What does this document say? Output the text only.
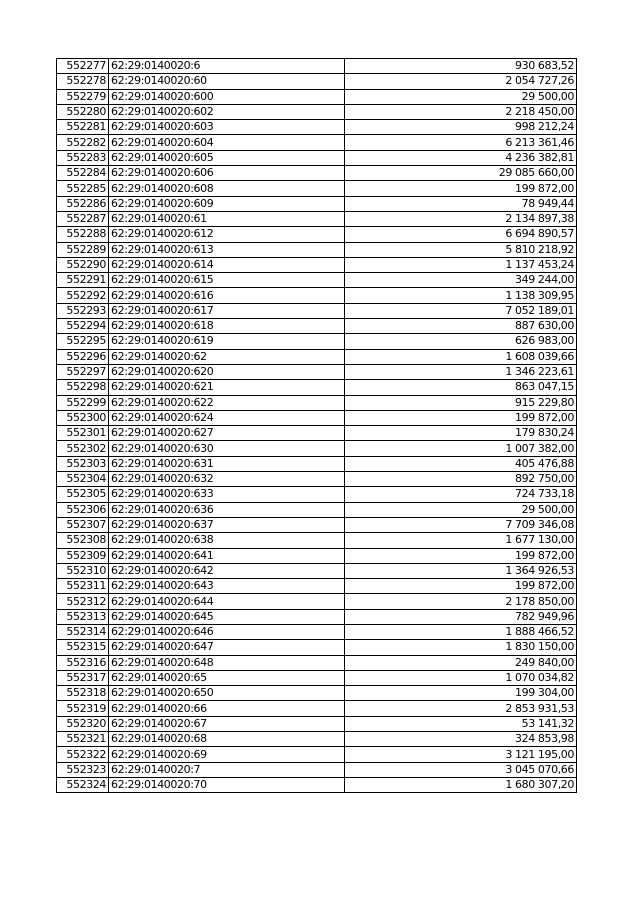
552277	62:29:0140020:6	930 683,52
552278	62:29:0140020:60	2 054 727,26
552279	62:29:0140020:600	29 500,00
552280	62:29:0140020:602	2 218 450,00
552281	62:29:0140020:603	998 212,24
552282	62:29:0140020:604	6 213 361,46
552283	62:29:0140020:605	4 236 382,81
552284	62:29:0140020:606	29 085 660,00
552285	62:29:0140020:608	199 872,00
552286	62:29:0140020:609	78 949,44
552287	62:29:0140020:61	2 134 897,38
552288	62:29:0140020:612	6 694 890,57
552289	62:29:0140020:613	5 810 218,92
552290	62:29:0140020:614	1 137 453,24
552291	62:29:0140020:615	349 244,00
552292	62:29:0140020:616	1 138 309,95
552293	62:29:0140020:617	7 052 189,01
552294	62:29:0140020:618	887 630,00
552295	62:29:0140020:619	626 983,00
552296	62:29:0140020:62	1 608 039,66
552297	62:29:0140020:620	1 346 223,61
552298	62:29:0140020:621	863 047,15
552299	62:29:0140020:622	915 229,80
552300	62:29:0140020:624	199 872,00
552301	62:29:0140020:627	179 830,24
552302	62:29:0140020:630	1 007 382,00
552303	62:29:0140020:631	405 476,88
552304	62:29:0140020:632	892 750,00
552305	62:29:0140020:633	724 733,18
552306	62:29:0140020:636	29 500,00
552307	62:29:0140020:637	7 709 346,08
552308	62:29:0140020:638	1 677 130,00
552309	62:29:0140020:641	199 872,00
552310	62:29:0140020:642	1 364 926,53
552311	62:29:0140020:643	199 872,00
552312	62:29:0140020:644	2 178 850,00
552313	62:29:0140020:645	782 949,96
552314	62:29:0140020:646	1 888 466,52
552315	62:29:0140020:647	1 830 150,00
552316	62:29:0140020:648	249 840,00
552317	62:29:0140020:65	1 070 034,82
552318	62:29:0140020:650	199 304,00
552319	62:29:0140020:66	2 853 931,53
552320	62:29:0140020:67	53 141,32
552321	62:29:0140020:68	324 853,98
552322	62:29:0140020:69	3 121 195,00
552323	62:29:0140020:7	3 045 070,66
552324	62:29:0140020:70	1 680 307,20
